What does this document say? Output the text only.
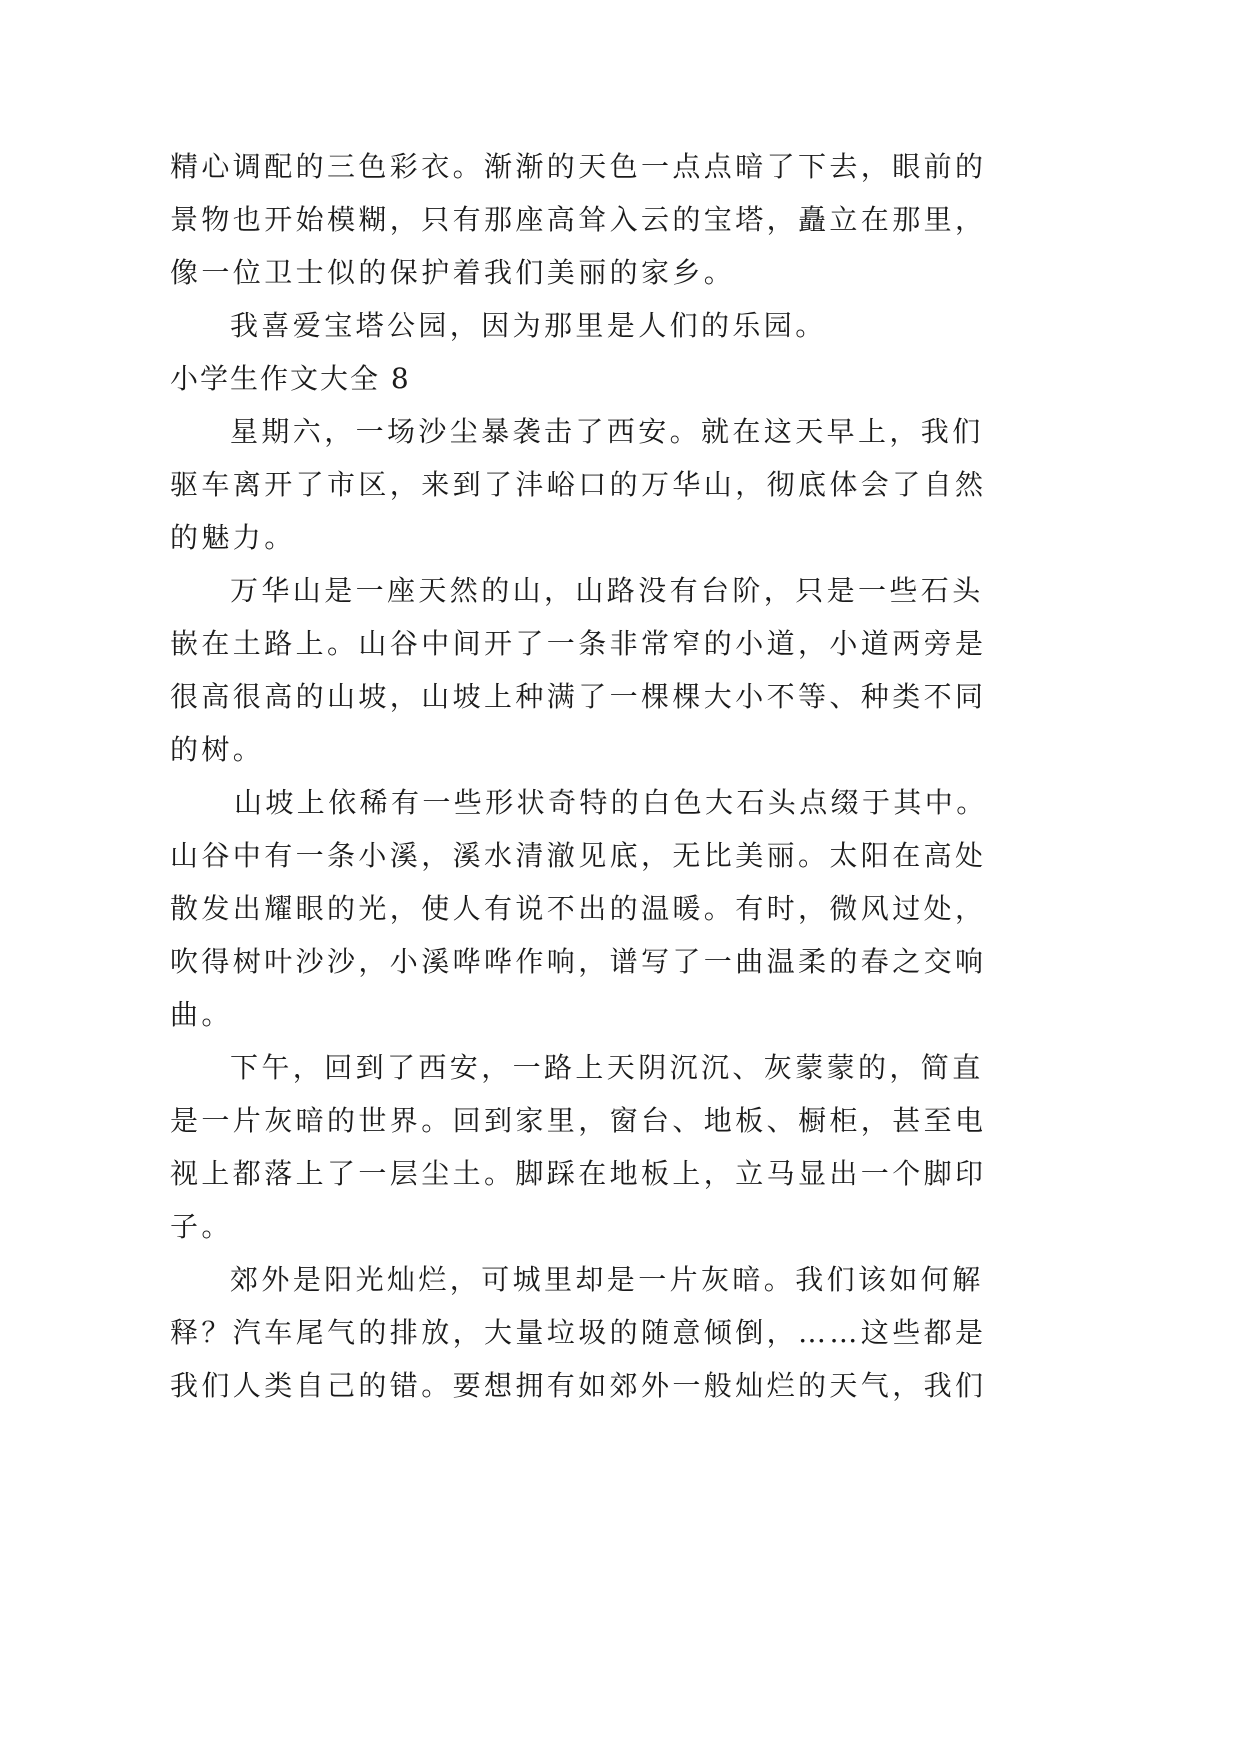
精心调配的三色彩衣。渐渐的天色一点点暗了下去，眼前的
景物也开始模糊，只有那座高耸入云的宝塔，矗立在那里，
像一位卫士似的保护着我们美丽的家乡。
我喜爱宝塔公园，因为那里是人们的乐园。
小学生作文大全 8
星期六，一场沙尘暴袭击了西安。就在这天早上，我们
驱车离开了市区，来到了沣峪口的万华山，彻底体会了自然
的魅力。
万华山是一座天然的山，山路没有台阶，只是一些石头
嵌在土路上。山谷中间开了一条非常窄的小道，小道两旁是
很高很高的山坡，山坡上种满了一棵棵大小不等、种类不同
的树。
山坡上依稀有一些形状奇特的白色大石头点缀于其中。
山谷中有一条小溪，溪水清澈见底，无比美丽。太阳在高处
散发出耀眼的光，使人有说不出的温暖。有时，微风过处，
吹得树叶沙沙，小溪哗哗作响，谱写了一曲温柔的春之交响
曲。
下午，回到了西安，一路上天阴沉沉、灰蒙蒙的，简直
是一片灰暗的世界。回到家里，窗台、地板、橱柜，甚至电
视上都落上了一层尘土。脚踩在地板上，立马显出一个脚印
子。
郊外是阳光灿烂，可城里却是一片灰暗。我们该如何解
释？汽车尾气的排放，大量垃圾的随意倾倒，……这些都是
我们人类自己的错。要想拥有如郊外一般灿烂的天气，我们
